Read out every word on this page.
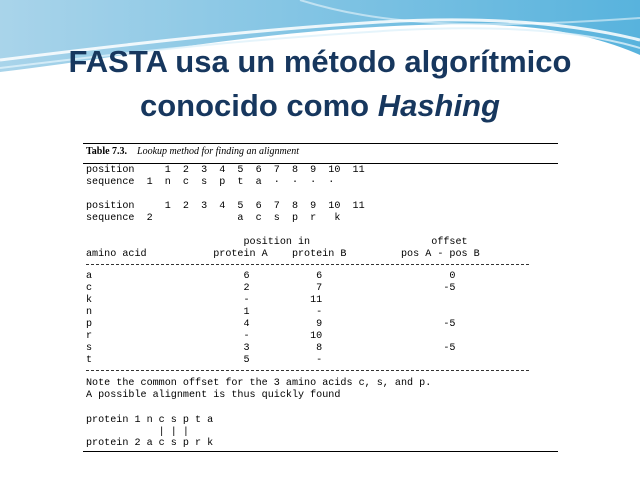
FASTA usa un método algorítmico
conocido como Hashing
Table 7.3. Lookup method for finding an alignment
position     1  2  3  4  5  6  7  8  9  10  11
sequence  1  n  c  s  p  t  a  ·  ·  ·  ·
position     1  2  3  4  5  6  7  8  9  10  11
sequence  2              a  c  s  p  r   k
position in                    offset
amino acid           protein A    protein B         pos A - pos B
a                         6           6                     0
c                         2           7                    -5
k                         -          11
n                         1           -
p                         4           9                    -5
r                         -          10
s                         3           8                    -5
t                         5           -
Note the common offset for the 3 amino acids c, s, and p.
A possible alignment is thus quickly found
protein 1 n c s p t a
| | |
protein 2 a c s p r k
